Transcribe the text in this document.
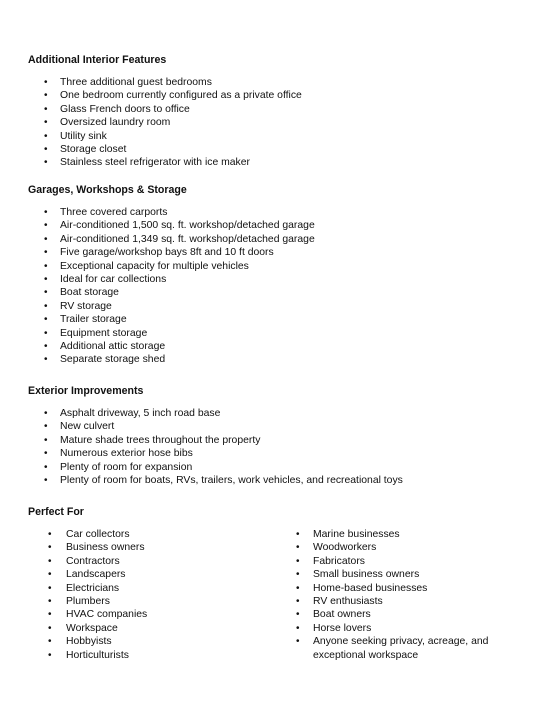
Additional Interior Features
• Three additional guest bedrooms
• One bedroom currently configured as a private office
• Glass French doors to office
• Oversized laundry room
• Utility sink
• Storage closet
• Stainless steel refrigerator with ice maker
Garages, Workshops & Storage
• Three covered carports
• Air-conditioned 1,500 sq. ft. workshop/detached garage
• Air-conditioned 1,349 sq. ft. workshop/detached garage
• Five garage/workshop bays 8ft and 10 ft doors
• Exceptional capacity for multiple vehicles
• Ideal for car collections
• Boat storage
• RV storage
• Trailer storage
• Equipment storage
• Additional attic storage
• Separate storage shed
Exterior Improvements
• Asphalt driveway, 5 inch road base
• New culvert
• Mature shade trees throughout the property
• Numerous exterior hose bibs
• Plenty of room for expansion
• Plenty of room for boats, RVs, trailers, work vehicles, and recreational toys
Perfect For
• Car collectors
• Business owners
• Contractors
• Landscapers
• Electricians
• Plumbers
• HVAC companies
• Workspace
• Hobbyists
• Horticulturists
• Marine businesses
• Woodworkers
• Fabricators
• Small business owners
• Home-based businesses
• RV enthusiasts
• Boat owners
• Horse lovers
• Anyone seeking privacy, acreage, and exceptional workspace
